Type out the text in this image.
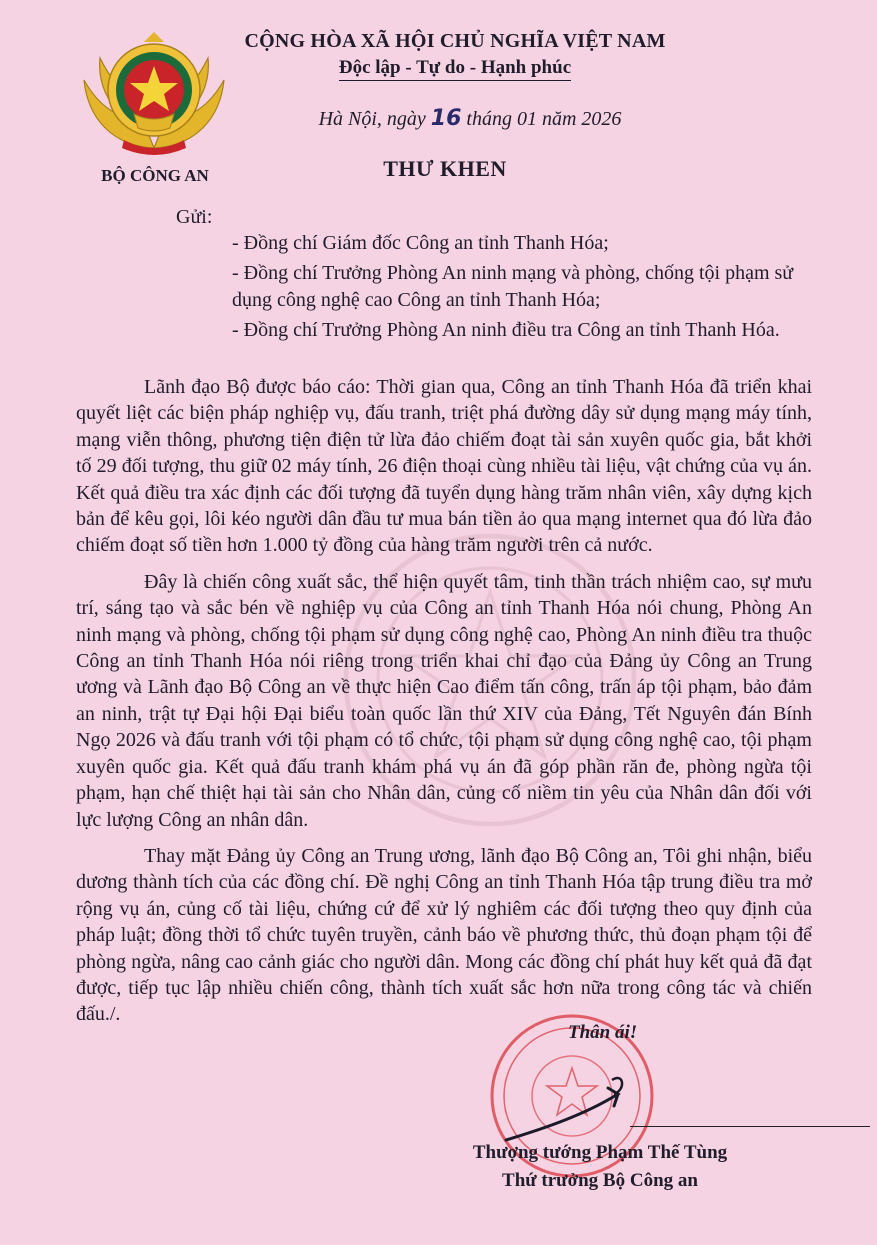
BỘ CÔNG AN
CỘNG HÒA XÃ HỘI CHỦ NGHĨA VIỆT NAM
Độc lập - Tự do - Hạnh phúc
Hà Nội, ngày 16 tháng 01 năm 2026
THƯ KHEN
Gửi:
- Đồng chí Giám đốc Công an tỉnh Thanh Hóa;
- Đồng chí Trưởng Phòng An ninh mạng và phòng, chống tội phạm sử dụng công nghệ cao Công an tỉnh Thanh Hóa;
- Đồng chí Trưởng Phòng An ninh điều tra Công an tỉnh Thanh Hóa.

Lãnh đạo Bộ được báo cáo: Thời gian qua, Công an tỉnh Thanh Hóa đã triển khai quyết liệt các biện pháp nghiệp vụ, đấu tranh, triệt phá đường dây sử dụng mạng máy tính, mạng viễn thông, phương tiện điện tử lừa đảo chiếm đoạt tài sản xuyên quốc gia, bắt khởi tố 29 đối tượng, thu giữ 02 máy tính, 26 điện thoại cùng nhiều tài liệu, vật chứng của vụ án. Kết quả điều tra xác định các đối tượng đã tuyển dụng hàng trăm nhân viên, xây dựng kịch bản để kêu gọi, lôi kéo người dân đầu tư mua bán tiền ảo qua mạng internet qua đó lừa đảo chiếm đoạt số tiền hơn 1.000 tỷ đồng của hàng trăm người trên cả nước.

Đây là chiến công xuất sắc, thể hiện quyết tâm, tinh thần trách nhiệm cao, sự mưu trí, sáng tạo và sắc bén về nghiệp vụ của Công an tỉnh Thanh Hóa nói chung, Phòng An ninh mạng và phòng, chống tội phạm sử dụng công nghệ cao, Phòng An ninh điều tra thuộc Công an tỉnh Thanh Hóa nói riêng trong triển khai chỉ đạo của Đảng ủy Công an Trung ương và Lãnh đạo Bộ Công an về thực hiện Cao điểm tấn công, trấn áp tội phạm, bảo đảm an ninh, trật tự Đại hội Đại biểu toàn quốc lần thứ XIV của Đảng, Tết Nguyên đán Bính Ngọ 2026 và đấu tranh với tội phạm có tổ chức, tội phạm sử dụng công nghệ cao, tội phạm xuyên quốc gia. Kết quả đấu tranh khám phá vụ án đã góp phần răn đe, phòng ngừa tội phạm, hạn chế thiệt hại tài sản cho Nhân dân, củng cố niềm tin yêu của Nhân dân đối với lực lượng Công an nhân dân.

Thay mặt Đảng ủy Công an Trung ương, lãnh đạo Bộ Công an, Tôi ghi nhận, biểu dương thành tích của các đồng chí. Đề nghị Công an tỉnh Thanh Hóa tập trung điều tra mở rộng vụ án, củng cố tài liệu, chứng cứ để xử lý nghiêm các đối tượng theo quy định của pháp luật; đồng thời tổ chức tuyên truyền, cảnh báo về phương thức, thủ đoạn phạm tội để phòng ngừa, nâng cao cảnh giác cho người dân. Mong các đồng chí phát huy kết quả đã đạt được, tiếp tục lập nhiều chiến công, thành tích xuất sắc hơn nữa trong công tác và chiến đấu./.

Thân ái!
Thượng tướng Phạm Thế Tùng
Thứ trưởng Bộ Công an
